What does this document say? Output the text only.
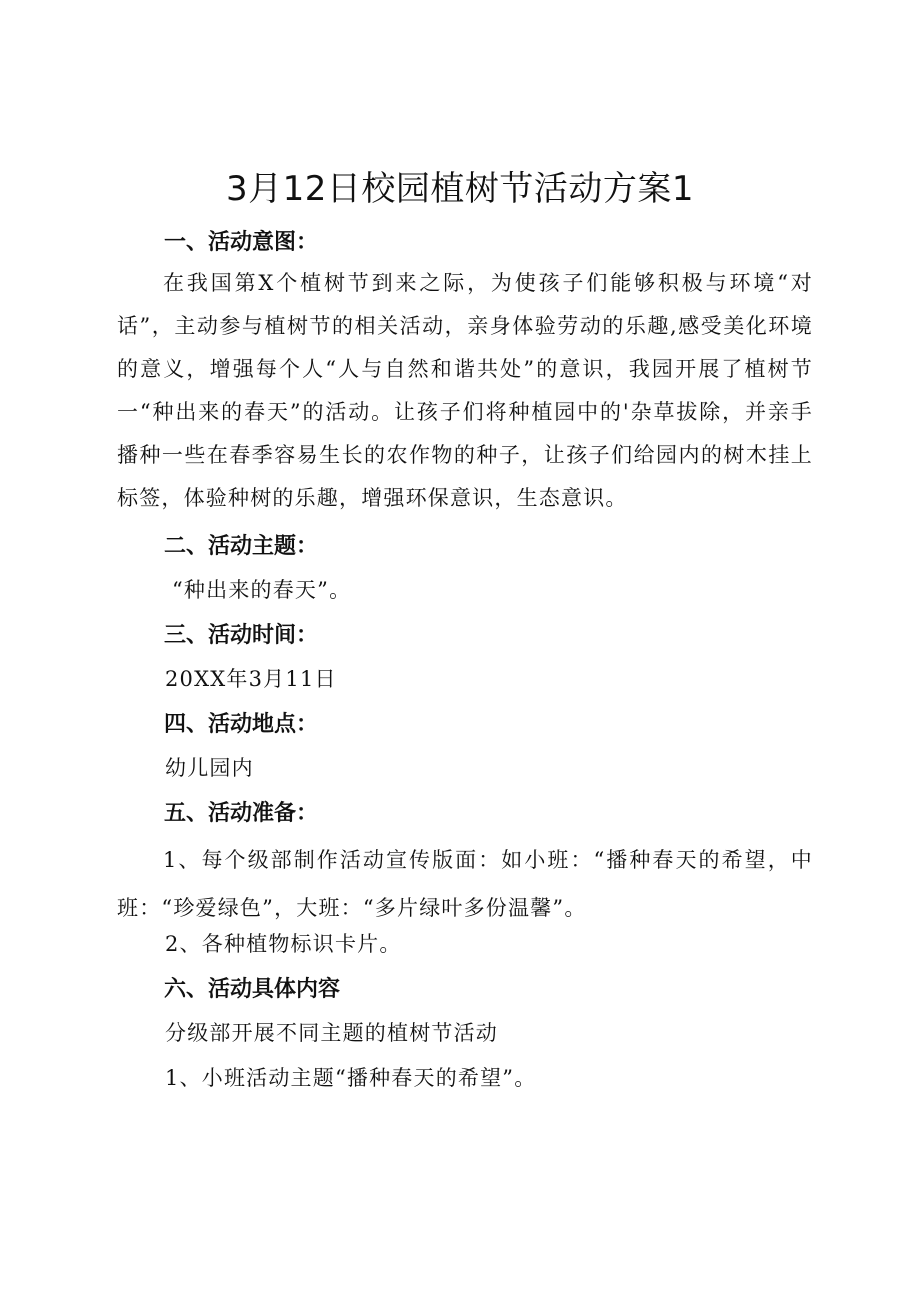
3月12日校园植树节活动方案1
一、活动意图：

在我国第X个植树节到来之际，为使孩子们能够积极与环境“对话”，主动参与植树节的相关活动，亲身体验劳动的乐趣,感受美化环境的意义，增强每个人“人与自然和谐共处”的意识，我园开展了植树节一“种出来的春天”的活动。让孩子们将种植园中的'杂草拔除，并亲手播种一些在春季容易生长的农作物的种子，让孩子们给园内的树木挂上标签，体验种树的乐趣，增强环保意识，生态意识。

二、活动主题：

“种出来的春天”。

三、活动时间：

20XX年3月11日

四、活动地点：

幼儿园内

五、活动准备：

1、每个级部制作活动宣传版面：如小班：“播种春天的希望，中班：“珍爱绿色”，大班：“多片绿叶多份温馨”。

2、各种植物标识卡片。

六、活动具体内容

分级部开展不同主题的植树节活动

1、小班活动主题“播种春天的希望”。
